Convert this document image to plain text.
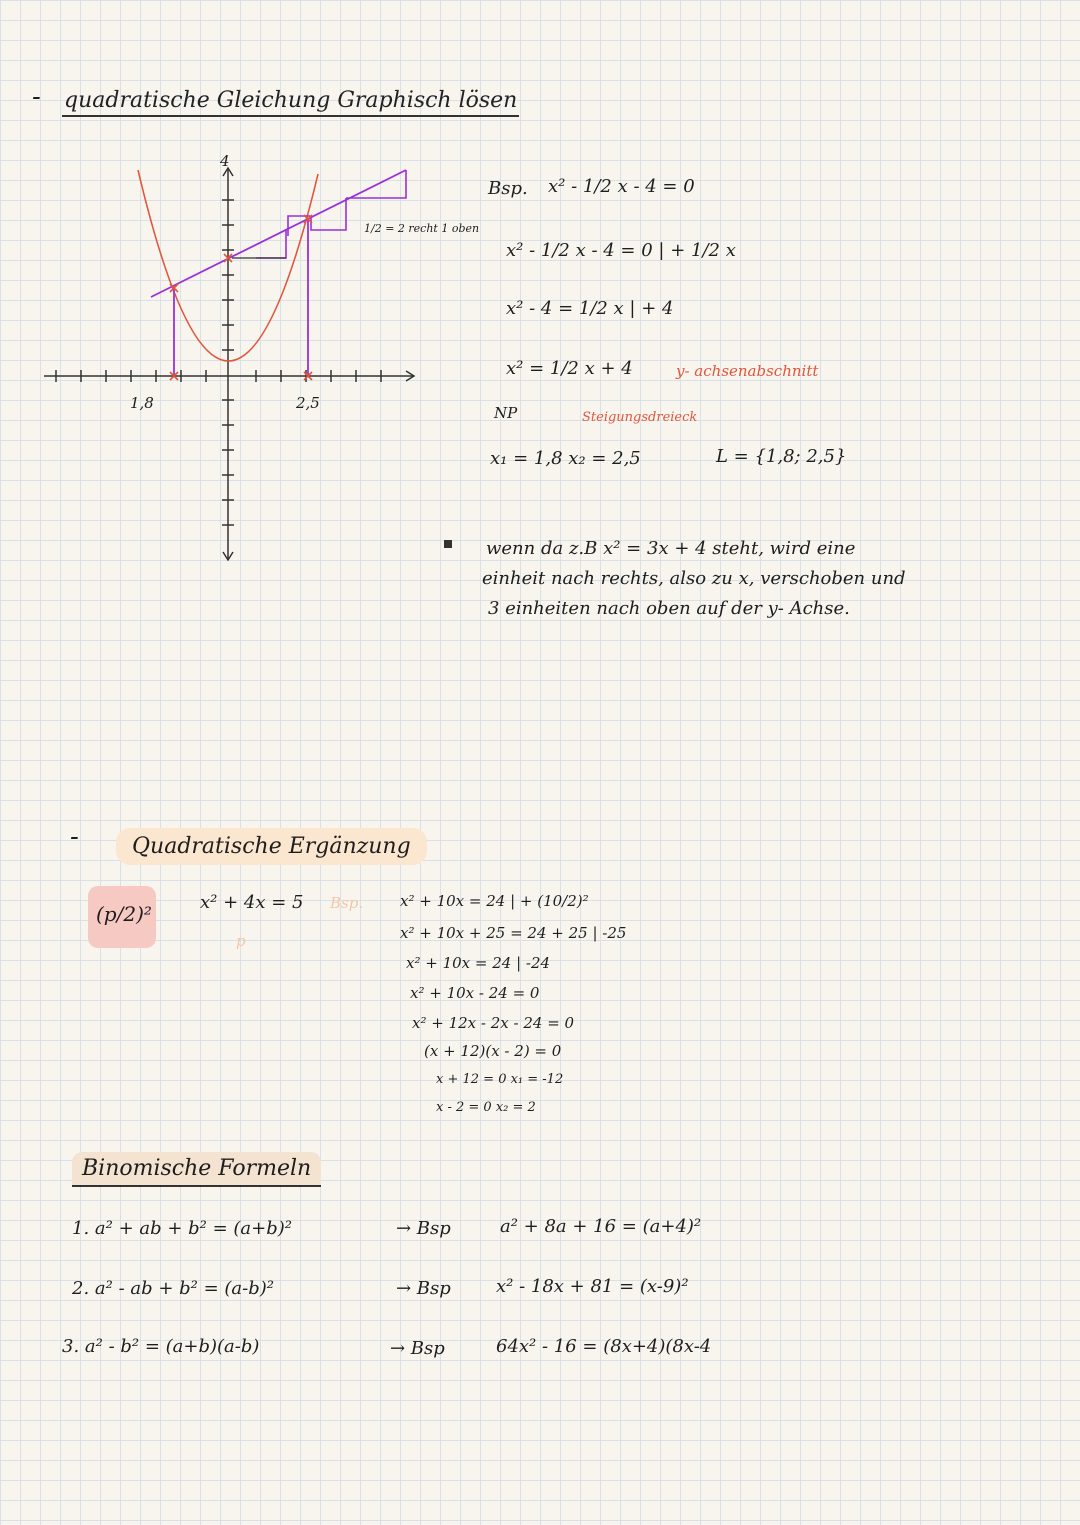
- quadratische Gleichung Graphisch lösen
4
1,8	2,5
1/2 = 2 recht 1 oben
Bsp. x² - 1/2 x - 4 = 0
x² - 1/2 x - 4 = 0 | + 1/2 x
x² - 4 = 1/2 x | + 4
x² = 1/2 x + 4	y- achsenabschnitt
NP	Steigungsdreieck
x₁ = 1,8 x₂ = 2,5	L = {1,8; 2,5}
wenn da z.B x² = 3x + 4 steht, wird eine
einheit nach rechts, also zu x, verschoben und
3 einheiten nach oben auf der y- Achse.
-	Quadratische Ergänzung
(p/2)²	x² + 4x = 5 Bsp.
p
x² + 10x = 24 | + (10/2)²
x² + 10x + 25 = 24 + 25 | -25
x² + 10x = 24 | -24
x² + 10x - 24 = 0
x² + 12x - 2x - 24 = 0
(x + 12)(x - 2) = 0
x + 12 = 0 x₁ = -12
x - 2 = 0 x₂ = 2
Binomische Formeln
1. a² + ab + b² = (a+b)²	→ Bsp	a² + 8a + 16 = (a+4)²
2. a² - ab + b² = (a-b)²	→ Bsp	x² - 18x + 81 = (x-9)²
3. a² - b² = (a+b)(a-b)	→ Bsp	64x² - 16 = (8x+4)(8x-4
